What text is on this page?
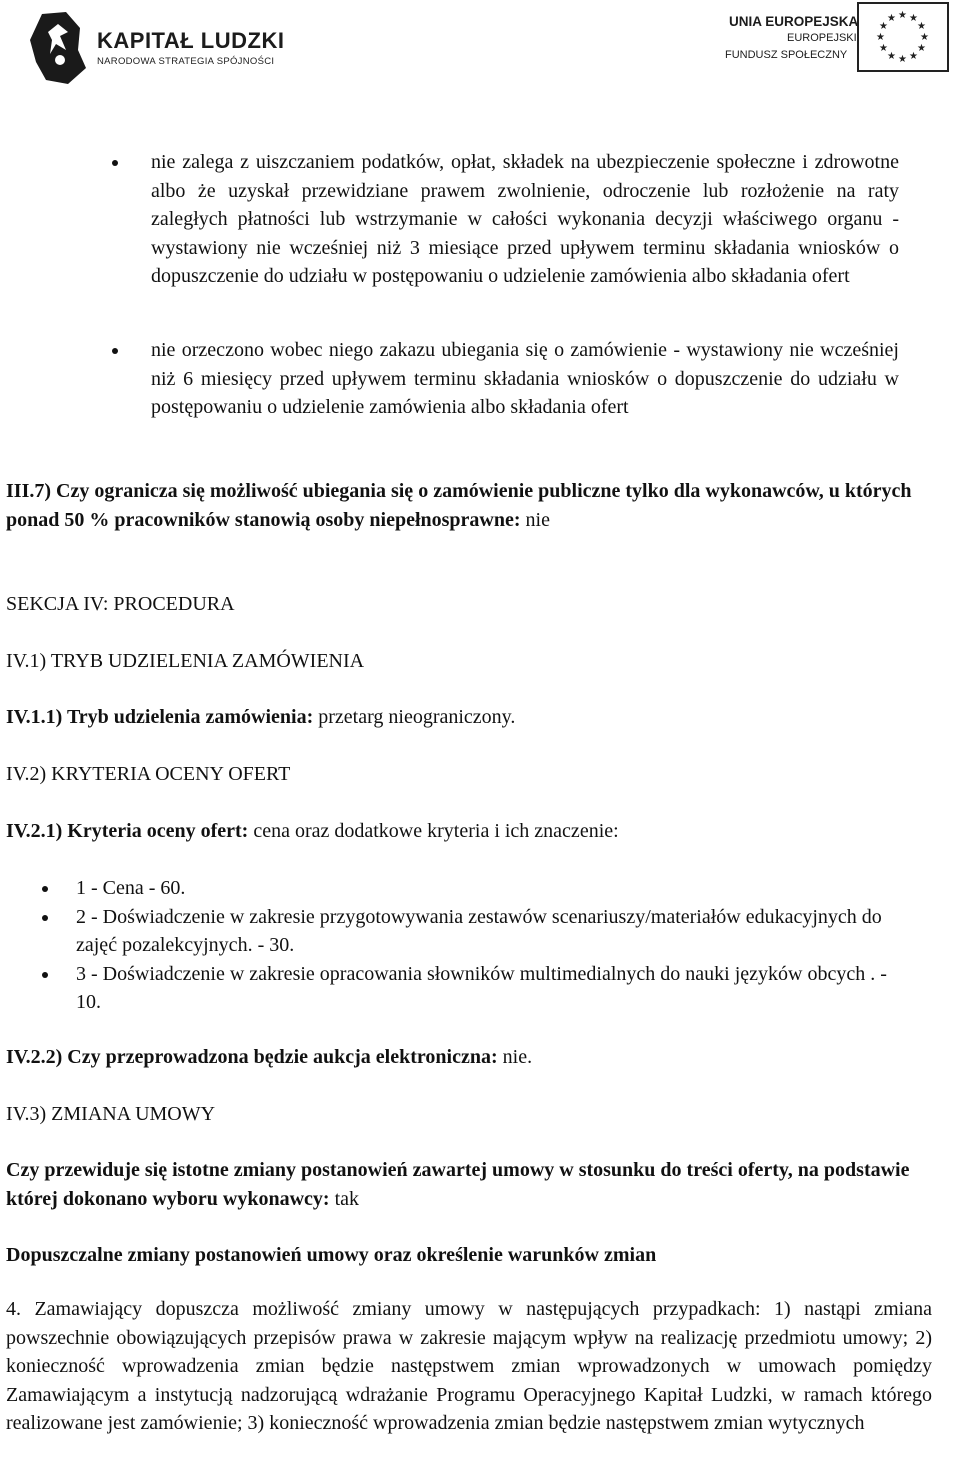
KAPITAŁ LUDZKI
NARODOWA STRATEGIA SPÓJNOŚCI
UNIA EUROPEJSKA
EUROPEJSKI
FUNDUSZ SPOŁECZNY
★ ★
★
★
★
★
★
★
★
★
★
★
nie zalega z uiszczaniem podatków, opłat, składek na ubezpieczenie społeczne i zdrowotne albo że uzyskał przewidziane prawem zwolnienie, odroczenie lub rozłożenie na raty zaległych płatności lub wstrzymanie w całości wykonania decyzji właściwego organu - wystawiony nie wcześniej niż 3 miesiące przed upływem terminu składania wniosków o dopuszczenie do udziału w postępowaniu o udzielenie zamówienia albo składania ofert
nie orzeczono wobec niego zakazu ubiegania się o zamówienie - wystawiony nie wcześniej niż 6 miesięcy przed upływem terminu składania wniosków o dopuszczenie do udziału w postępowaniu o udzielenie zamówienia albo składania ofert
III.7) Czy ogranicza się możliwość ubiegania się o zamówienie publiczne tylko dla wykonawców, u których ponad 50 % pracowników stanowią osoby niepełnosprawne: nie
SEKCJA IV: PROCEDURA
IV.1) TRYB UDZIELENIA ZAMÓWIENIA
IV.1.1) Tryb udzielenia zamówienia: przetarg nieograniczony.
IV.2) KRYTERIA OCENY OFERT
IV.2.1) Kryteria oceny ofert: cena oraz dodatkowe kryteria i ich znaczenie:
1 - Cena - 60.
2 - Doświadczenie w zakresie przygotowywania zestawów scenariuszy/materiałów edukacyjnych do zajęć pozalekcyjnych. - 30.
3 - Doświadczenie w zakresie opracowania słowników multimedialnych do nauki języków obcych . - 10.
IV.2.2) Czy przeprowadzona będzie aukcja elektroniczna: nie.
IV.3) ZMIANA UMOWY
Czy przewiduje się istotne zmiany postanowień zawartej umowy w stosunku do treści oferty, na podstawie której dokonano wyboru wykonawcy: tak
Dopuszczalne zmiany postanowień umowy oraz określenie warunków zmian
4. Zamawiający dopuszcza możliwość zmiany umowy w następujących przypadkach: 1) nastąpi zmiana powszechnie obowiązujących przepisów prawa w zakresie mającym wpływ na realizację przedmiotu umowy; 2) konieczność wprowadzenia zmian będzie następstwem zmian wprowadzonych w umowach pomiędzy Zamawiającym a instytucją nadzorującą wdrażanie Programu Operacyjnego Kapitał Ludzki, w ramach którego realizowane jest zamówienie; 3) konieczność wprowadzenia zmian będzie następstwem zmian wytycznych
